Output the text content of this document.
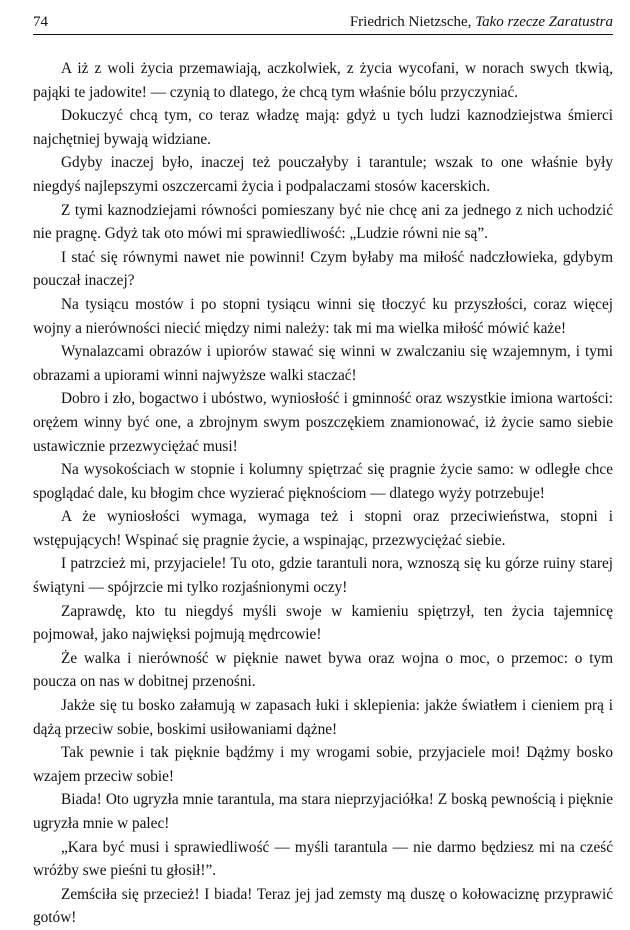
74	Friedrich Nietzsche, Tako rzecze Zaratustra

A iż z woli życia przemawiają, aczkolwiek, z życia wycofani, w norach swych tkwią, pająki te jadowite! — czynią to dlatego, że chcą tym właśnie bólu przyczyniać.

Dokuczyć chcą tym, co teraz władzę mają: gdyż u tych ludzi kaznodziejstwa śmierci najchętniej bywają widziane.

Gdyby inaczej było, inaczej też pouczałyby i tarantule; wszak to one właśnie były niegdyś najlepszymi oszczercami życia i podpalaczami stosów kacerskich.

Z tymi kaznodziejami równości pomieszany być nie chcę ani za jednego z nich uchodzić nie pragnę. Gdyż tak oto mówi mi sprawiedliwość: „Ludzie równi nie są”.

I stać się równymi nawet nie powinni! Czym byłaby ma miłość nadczłowieka, gdybym pouczał inaczej?

Na tysiącu mostów i po stopni tysiącu winni się tłoczyć ku przyszłości, coraz więcej wojny a nierówności niecić między nimi należy: tak mi ma wielka miłość mówić każe!

Wynalazcami obrazów i upiorów stawać się winni w zwalczaniu się wzajemnym, i tymi obrazami a upiorami winni najwyższe walki staczać!

Dobro i zło, bogactwo i ubóstwo, wyniosłość i gminność oraz wszystkie imiona wartości: orężem winny być one, a zbrojnym swym poszczękiem znamionować, iż życie samo siebie ustawicznie przezwyciężać musi!

Na wysokościach w stopnie i kolumny spiętrzać się pragnie życie samo: w odległe chce spoglądać dale, ku błogim chce wyzierać pięknościom — dlatego wyży potrzebuje!

A że wyniosłości wymaga, wymaga też i stopni oraz przeciwieństwa, stopni i wstępujących! Wspinać się pragnie życie, a wspinając, przezwyciężać siebie.

I patrzcież mi, przyjaciele! Tu oto, gdzie tarantuli nora, wznoszą się ku górze ruiny starej świątyni — spójrzcie mi tylko rozjaśnionymi oczy!

Zaprawdę, kto tu niegdyś myśli swoje w kamieniu spiętrzył, ten życia tajemnicę pojmował, jako najwięksi pojmują mędrcowie!

Że walka i nierówność w pięknie nawet bywa oraz wojna o moc, o przemoc: o tym poucza on nas w dobitnej przenośni.

Jakże się tu bosko załamują w zapasach łuki i sklepienia: jakże światłem i cieniem prą i dążą przeciw sobie, boskimi usiłowaniami dążne!

Tak pewnie i tak pięknie bądźmy i my wrogami sobie, przyjaciele moi! Dążmy bosko wzajem przeciw sobie!

Biada! Oto ugryzła mnie tarantula, ma stara nieprzyjaciółka! Z boską pewnością i pięknie ugryzła mnie w palec!

„Kara być musi i sprawiedliwość — myśli tarantula — nie darmo będziesz mi na cześć wróżby swe pieśni tu głosił!”.

Zemściła się przecież! I biada! Teraz jej jad zemsty mą duszę o kołowaciznę przyprawić gotów!
